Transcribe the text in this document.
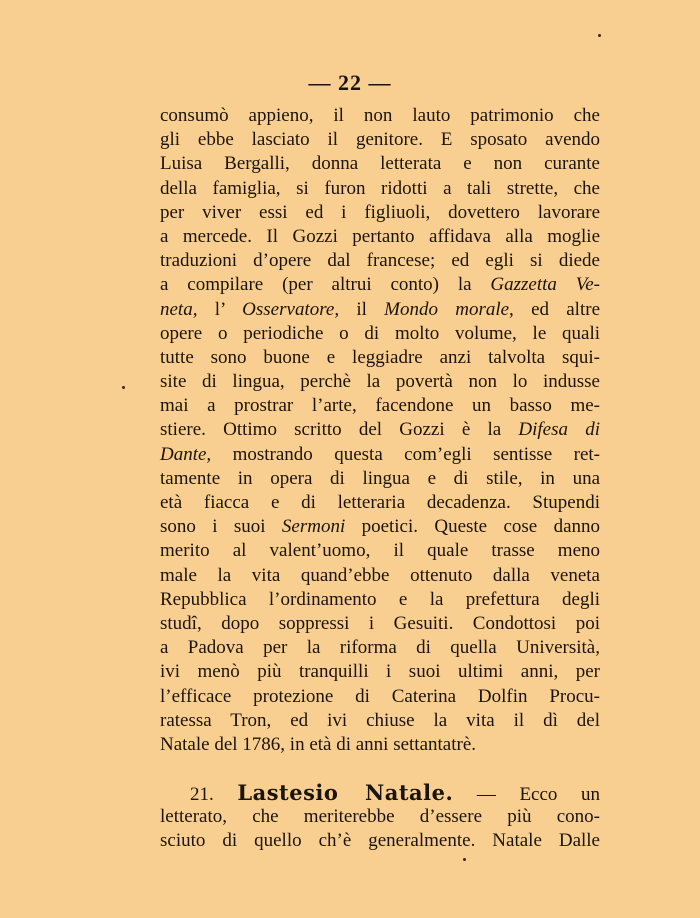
— 22 —
consumò appieno, il non lauto patrimonio che
gli ebbe lasciato il genitore. E sposato avendo
Luisa Bergalli, donna letterata e non curante
della famiglia, si furon ridotti a tali strette, che
per viver essi ed i figliuoli, dovettero lavorare
a mercede. Il Gozzi pertanto affidava alla moglie
traduzioni d’opere dal francese; ed egli si diede
a compilare (per altrui conto) la Gazzetta Ve-
neta, l’ Osservatore, il Mondo morale, ed altre
opere o periodiche o di molto volume, le quali
tutte sono buone e leggiadre anzi talvolta squi-
site di lingua, perchè la povertà non lo indusse
mai a prostrar l’arte, facendone un basso me-
stiere. Ottimo scritto del Gozzi è la Difesa di
Dante, mostrando questa com’egli sentisse ret-
tamente in opera di lingua e di stile, in una
età fiacca e di letteraria decadenza. Stupendi
sono i suoi Sermoni poetici. Queste cose danno
merito al valent’uomo, il quale trasse meno
male la vita quand’ebbe ottenuto dalla veneta
Repubblica l’ordinamento e la prefettura degli
studî, dopo soppressi i Gesuiti. Condottosi poi
a Padova per la riforma di quella Università,
ivi menò più tranquilli i suoi ultimi anni, per
l’efficace protezione di Caterina Dolfin Procu-
ratessa Tron, ed ivi chiuse la vita il dì del
Natale del 1786, in età di anni settantatrè.
21. Lastesio Natale. — Ecco un
letterato, che meriterebbe d’essere più cono-
sciuto di quello ch’è generalmente. Natale Dalle
